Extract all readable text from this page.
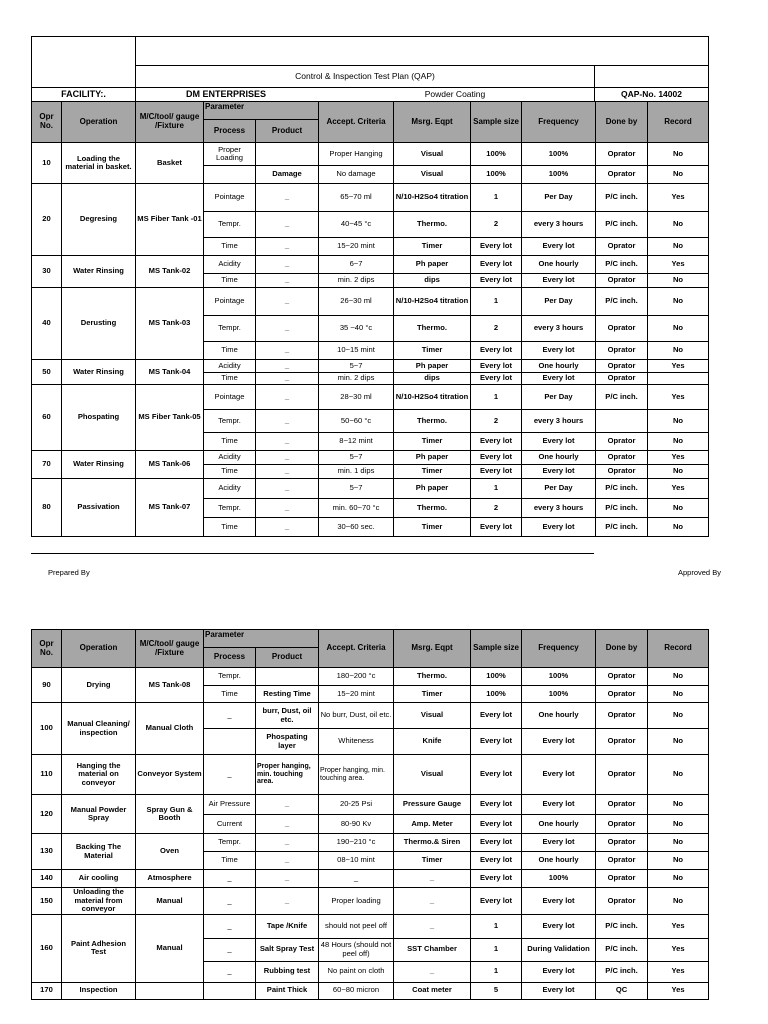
	Control & Inspection Test Plan (QAP)	
FACILITY:.	DM ENTERPRISES Powder Coating	QAP-No. 14002
Opr No.	Operation	M/C/tool/ gauge /Fixture	Parameter		Accept. Criteria	Msrg. Eqpt	Sample size	Frequency	Done by	Record
			Process	Product						
10	Loading the material in basket.	Basket	Proper Loading		Proper Hanging	Visual	100%	100%	Oprator	No
				Damage	No damage	Visual	100%	100%	Oprator	No
20	Degresing	MS Fiber Tank -01	Pointage	_	65~70 ml	N/10-H2So4 titration	1	Per Day	P/C inch.	Yes
			Tempr.	_	40~45 °c	Thermo.	2	every 3 hours	P/C inch.	No
			Time	_	15~20 mint	Timer	Every lot	Every lot	Oprator	No
30	Water Rinsing	MS Tank-02	Acidity	_	6~7	Ph paper	Every lot	One hourly	P/C inch.	Yes
			Time	_	min. 2 dips	dips	Every lot	Every lot	Oprator	No
40	Derusting	MS Tank-03	Pointage	_	26~30 ml	N/10-H2So4 titration	1	Per Day	P/C inch.	No
			Tempr.	_	35 ~40 °c	Thermo.	2	every 3 hours	Oprator	No
			Time	_	10~15 mint	Timer	Every lot	Every lot	Oprator	No
50	Water Rinsing	MS Tank-04	Acidity	_	5~7	Ph paper	Every lot	One hourly	Oprator	Yes
			Time	_	min. 2 dips	dips	Every lot	Every lot	Oprator	
60	Phospating	MS Fiber Tank-05	Pointage	_	28~30 ml	N/10-H2So4 titration	1	Per Day	P/C inch.	Yes
			Tempr.	_	50~60 °c	Thermo.	2	every 3 hours		No
			Time	_	8~12 mint	Timer	Every lot	Every lot	Oprator	No
70	Water Rinsing	MS Tank-06	Acidity	_	5~7	Ph paper	Every lot	One hourly	Oprator	Yes
			Time	_	min. 1 dips	Timer	Every lot	Every lot	Oprator	No
80	Passivation	MS Tank-07	Acidity	_	5~7	Ph paper	1	Per Day	P/C inch.	Yes
			Tempr.	_	min. 60~70 °c	Thermo.	2	every 3 hours	P/C inch.	No
			Time	_	30~60 sec.	Timer	Every lot	Every lot	P/C inch.	No
Prepared By	Approved By
Opr No.	Operation	M/C/tool/ gauge /Fixture	Parameter		Accept. Criteria	Msrg. Eqpt	Sample size	Frequency	Done by	Record
			Process	Product						
90	Drying	MS Tank-08	Tempr.		180~200 °c	Thermo.	100%	100%	Oprator	No
			Time	Resting Time	15~20 mint	Timer	100%	100%	Oprator	No
100	Manual Cleaning/ inspection	Manual Cloth	_	burr, Dust, oil etc.	No burr, Dust, oil etc.	Visual	Every lot	One hourly	Oprator	No
				Phospating layer	Whiteness	Knife	Every lot	Every lot	Oprator	No
110	Hanging the material on conveyor	Conveyor System	_	Proper hanging, min. touching area.	Proper hanging, min. touching area.	Visual	Every lot	Every lot	Oprator	No
120	Manual Powder Spray	Spray Gun & Booth	Air Pressure	_	20-25 Psi	Pressure Gauge	Every lot	Every lot	Oprator	No
			Current	_	80-90 Kv	Amp. Meter	Every lot	One hourly	Oprator	No
130	Backing The Material	Oven	Tempr.	_	190~210 °c	Thermo.& Siren	Every lot	Every lot	Oprator	No
			Time	_	08~10 mint	Timer	Every lot	One hourly	Oprator	No
140	Air cooling	Atmosphere	_	_	_	_	Every lot	100%	Oprator	No
150	Unloading the material from conveyor	Manual	_	_	Proper loading	_	Every lot	Every lot	Oprator	No
160	Paint Adhesion Test	Manual	_	Tape /Knife	should not peel off	_	1	Every lot	P/C inch.	Yes
			_	Salt Spray Test	48 Hours (should not peel off)	SST Chamber	1	During Validation	P/C inch.	Yes
			_	Rubbing test	No paint on cloth	_	1	Every lot	P/C inch.	Yes
170	Inspection			Paint Thick	60~80 micron	Coat meter	5	Every lot	QC	Yes
